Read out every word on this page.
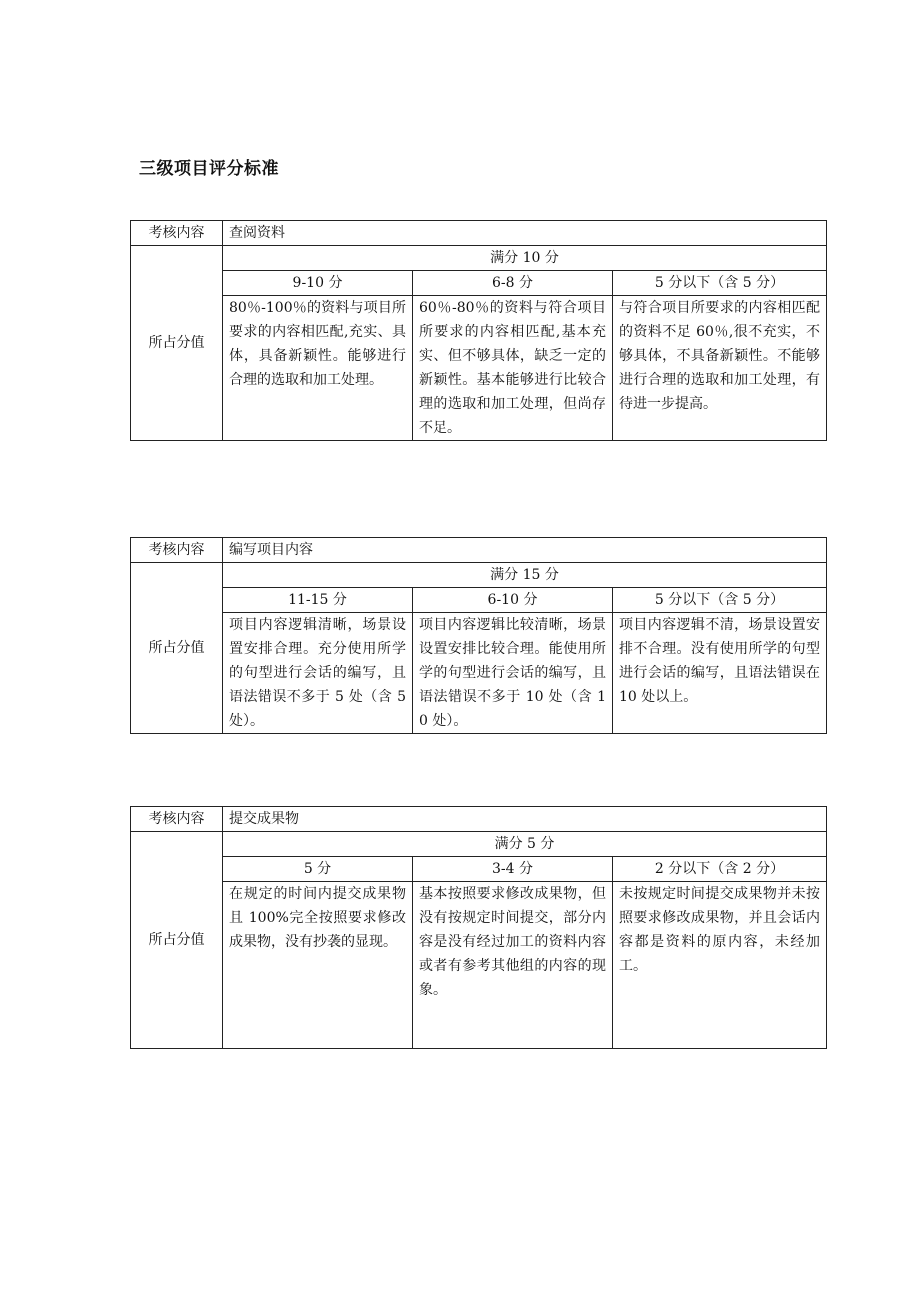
三级项目评分标准
考核内容	查阅资料		
所占分值	满分 10 分		
	9-10 分	6-8 分	5 分以下（含 5 分）
	80％-100％的资料与项目所要求的内容相匹配,充实、具体，具备新颖性。能够进行合理的选取和加工处理。	60％-80％的资料与符合项目所要求的内容相匹配,基本充实、但不够具体，缺乏一定的新颖性。基本能够进行比较合理的选取和加工处理，但尚存不足。	与符合项目所要求的内容相匹配的资料不足 60％,很不充实，不够具体，不具备新颖性。不能够进行合理的选取和加工处理，有待进一步提高。
考核内容	编写项目内容		
所占分值	满分 15 分		
	11-15 分	6-10 分	5 分以下（含 5 分）
	项目内容逻辑清晰，场景设置安排合理。充分使用所学的句型进行会话的编写，且语法错误不多于 5 处（含 5 处）。	项目内容逻辑比较清晰，场景设置安排比较合理。能使用所学的句型进行会话的编写，且语法错误不多于 10 处（含 10 处）。	项目内容逻辑不清，场景设置安排不合理。没有使用所学的句型进行会话的编写，且语法错误在 10 处以上。
考核内容	提交成果物		
所占分值	满分 5 分		
	5 分	3-4 分	2 分以下（含 2 分）
	在规定的时间内提交成果物且 100%完全按照要求修改成果物，没有抄袭的显现。	基本按照要求修改成果物，但没有按规定时间提交，部分内容是没有经过加工的资料内容或者有参考其他组的内容的现象。	未按规定时间提交成果物并未按照要求修改成果物，并且会话内容都是资料的原内容，未经加工。
